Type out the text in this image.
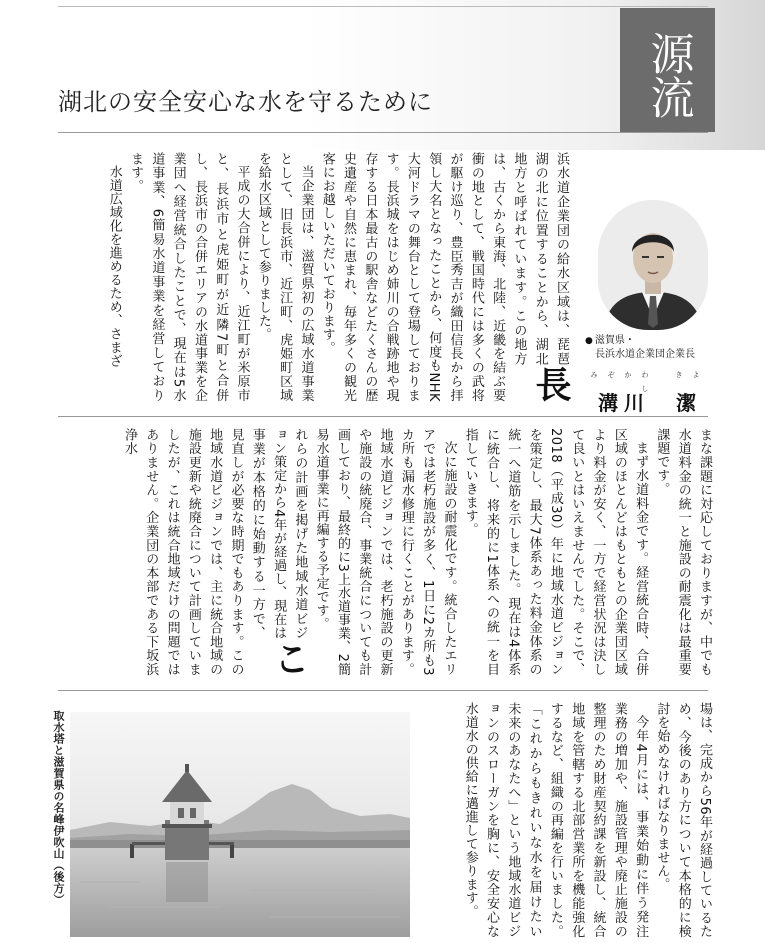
源流
湖北の安全安心な水を守るために
長

浜水道企業団の給水区域は、琵琶湖の北に位置することから、湖北地方と呼ばれています。この地方は、古くから東海、北陸、近畿を結ぶ要衝の地として、戦国時代には多くの武将が駆け巡り、豊臣秀吉が織田信長から拝領し大名となったことから、何度もNHK大河ドラマの舞台として登場しております。長浜城をはじめ姉川の合戦跡地や現存する日本最古の駅舎などたくさんの歴史遺産や自然に恵まれ、毎年多くの観光客にお越しいただいております。

当企業団は、滋賀県初の広域水道事業として、旧長浜市、近江町、虎姫町区域を給水区域として参りました。

平成の大合併により、近江町が米原市と、長浜市と虎姫町が近隣7町と合併し、長浜市の合併エリアの水道事業を企業団へ経営統合したことで、現在は5水道事業、6簡易水道事業を経営しております。

水道広域化を進めるため、さまざ	● 滋賀県・
長浜水道企業団企業長
みぞかわ　きよし
溝川　潔

まな課題に対応しておりますが、中でも水道料金の統一と施設の耐震化は最重要課題です。

まず水道料金です。経営統合時、合併区域のほとんどはもともとの企業団区域より料金が安く、一方で経営状況は決して良いとはいえませんでした。そこで、2018（平成30）年に地域水道ビジョンを策定し、最大7体系あった料金体系の統一へ道筋を示しました。現在は4体系に統合し、将来的に1体系への統一を目指していきます。

次に施設の耐震化です。統合したエリアでは老朽施設が多く、1日に2カ所も3カ所も漏水修理に行くことがあります。地域水道ビジョンでは、老朽施設の更新や施設の統廃合、事業統合についても計画しており、最終的に3上水道事業、2簡易水道事業に再編する予定です。

こ

れらの計画を掲げた地域水道ビジョン策定から4年が経過し、現在は事業が本格的に始動する一方で、見直しが必要な時期でもあります。この地域水道ビジョンでは、主に統合地域の施設更新や統廃合について計画していましたが、これは統合地域だけの問題ではありません。企業団の本部である下坂浜浄水

場は、完成から56年が経過しているため、今後のあり方について本格的に検討を始めなければなりません。

今年4月には、事業始動に伴う発注業務の増加や、施設管理や廃止施設の整理のため財産契約課を新設し、統合地域を管轄する北部営業所を機能強化するなど、組織の再編を行いました。「これからもきれいな水を届けたい　未来のあなたへ」という地域水道ビジョンのスローガンを胸に、安全安心な水道水の供給に邁進して参ります。

取水塔と滋賀県の名峰伊吹山（後方）
